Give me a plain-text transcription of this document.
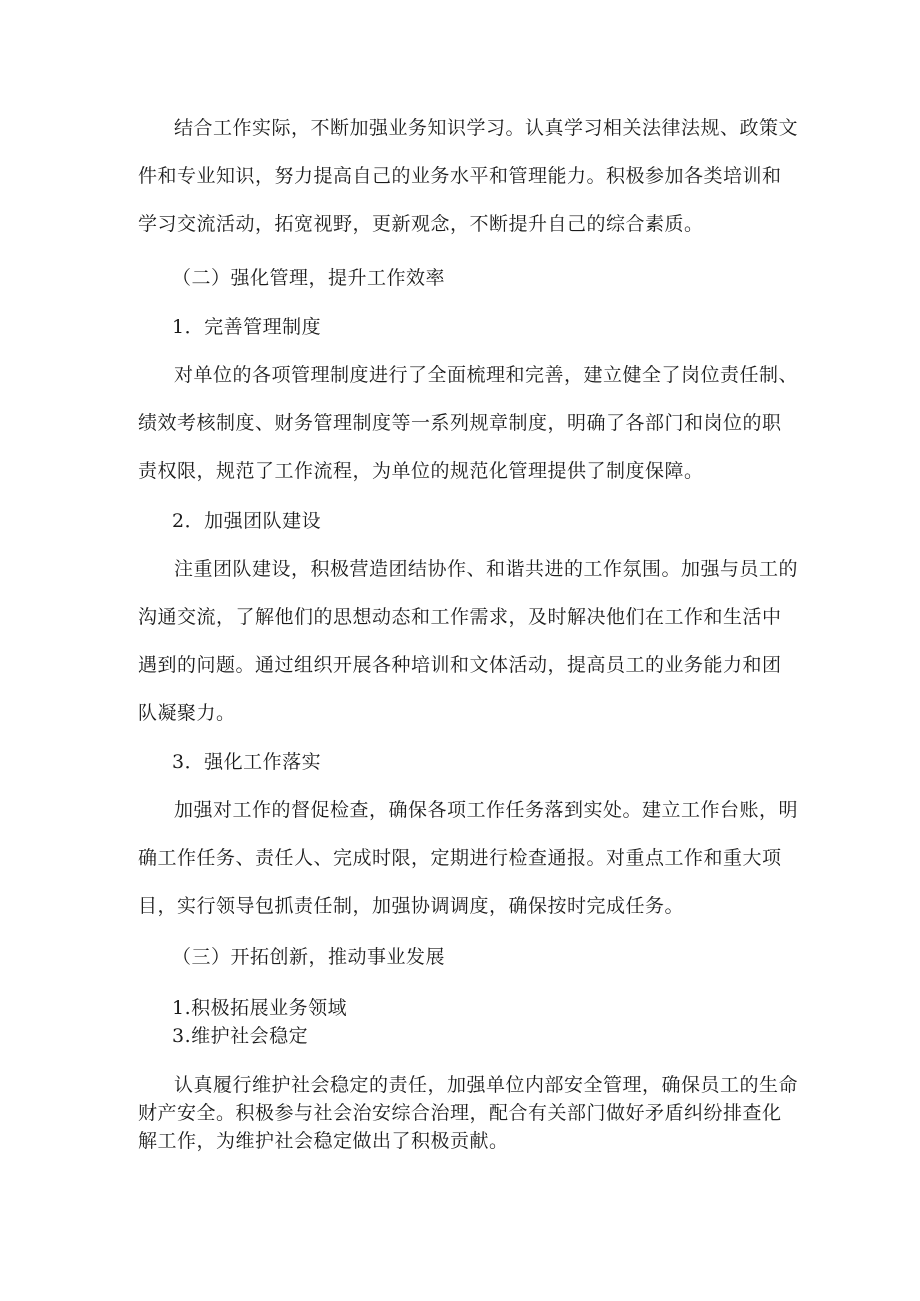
结合工作实际，不断加强业务知识学习。认真学习相关法律法规、政策文件和专业知识，努力提高自己的业务水平和管理能力。积极参加各类培训和学习交流活动，拓宽视野，更新观念，不断提升自己的综合素质。

（二）强化管理，提升工作效率

1．完善管理制度

对单位的各项管理制度进行了全面梳理和完善，建立健全了岗位责任制、绩效考核制度、财务管理制度等一系列规章制度，明确了各部门和岗位的职责权限，规范了工作流程，为单位的规范化管理提供了制度保障。

2．加强团队建设

注重团队建设，积极营造团结协作、和谐共进的工作氛围。加强与员工的沟通交流，了解他们的思想动态和工作需求，及时解决他们在工作和生活中遇到的问题。通过组织开展各种培训和文体活动，提高员工的业务能力和团队凝聚力。

3．强化工作落实

加强对工作的督促检查，确保各项工作任务落到实处。建立工作台账，明确工作任务、责任人、完成时限，定期进行检查通报。对重点工作和重大项目，实行领导包抓责任制，加强协调调度，确保按时完成任务。

（三）开拓创新，推动事业发展

1.积极拓展业务领域

3.维护社会稳定

认真履行维护社会稳定的责任，加强单位内部安全管理，确保员工的生命财产安全。积极参与社会治安综合治理，配合有关部门做好矛盾纠纷排查化解工作，为维护社会稳定做出了积极贡献。
